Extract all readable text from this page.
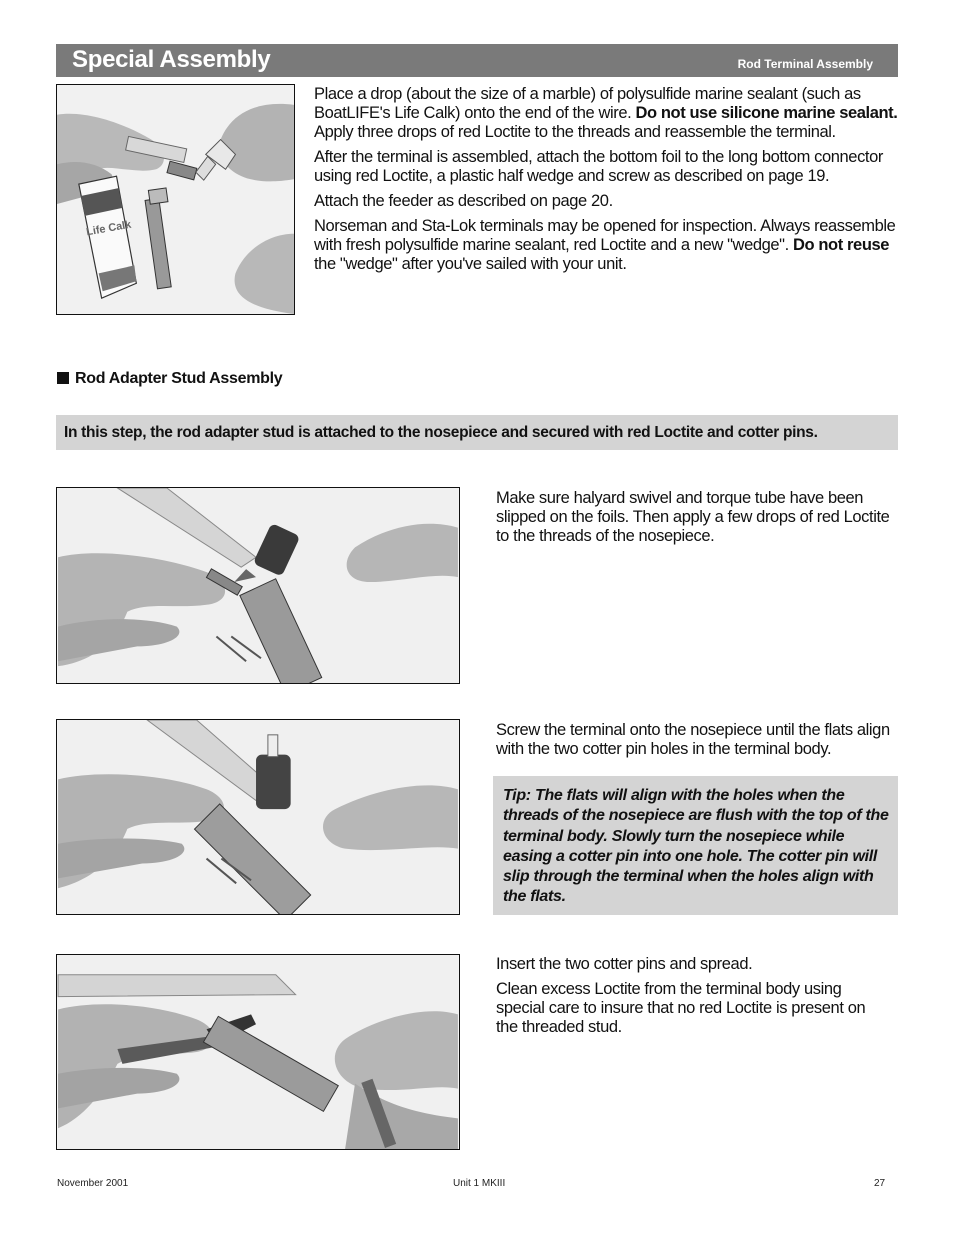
Special Assembly	Rod Terminal Assembly
Life Calk

Place a drop (about the size of a marble) of polysulfide marine sealant (such as BoatLIFE's Life Calk) onto the end of the wire. Do not use silicone marine sealant. Apply three drops of red Loctite to the threads and reassemble the terminal.

After the terminal is assembled, attach the bottom foil to the long bottom connector using red Loctite, a plastic half wedge and screw as described on page 19.

Attach the feeder as described on page 20.

Norseman and Sta-Lok terminals may be opened for inspection. Always reassemble with fresh polysulfide marine sealant, red Loctite and a new "wedge". Do not reuse the "wedge" after you've sailed with your unit.

Rod Adapter Stud Assembly
In this step, the rod adapter stud is attached to the nosepiece and secured with red Loctite and cotter pins.
Make sure halyard swivel and torque tube have been slipped on the foils. Then apply a few drops of red Loctite to the threads of the nosepiece.
Screw the terminal onto the nosepiece until the flats align with the two cotter pin holes in the terminal body.
Tip: The flats will align with the holes when the threads of the nosepiece are flush with the top of the terminal body. Slowly turn the nosepiece while easing a cotter pin into one hole. The cotter pin will slip through the terminal when the holes align with the flats.

Insert the two cotter pins and spread.

Clean excess Loctite from the terminal body using special care to insure that no red Loctite is present on the threaded stud.

November 2001	Unit 1 MKIII	27
